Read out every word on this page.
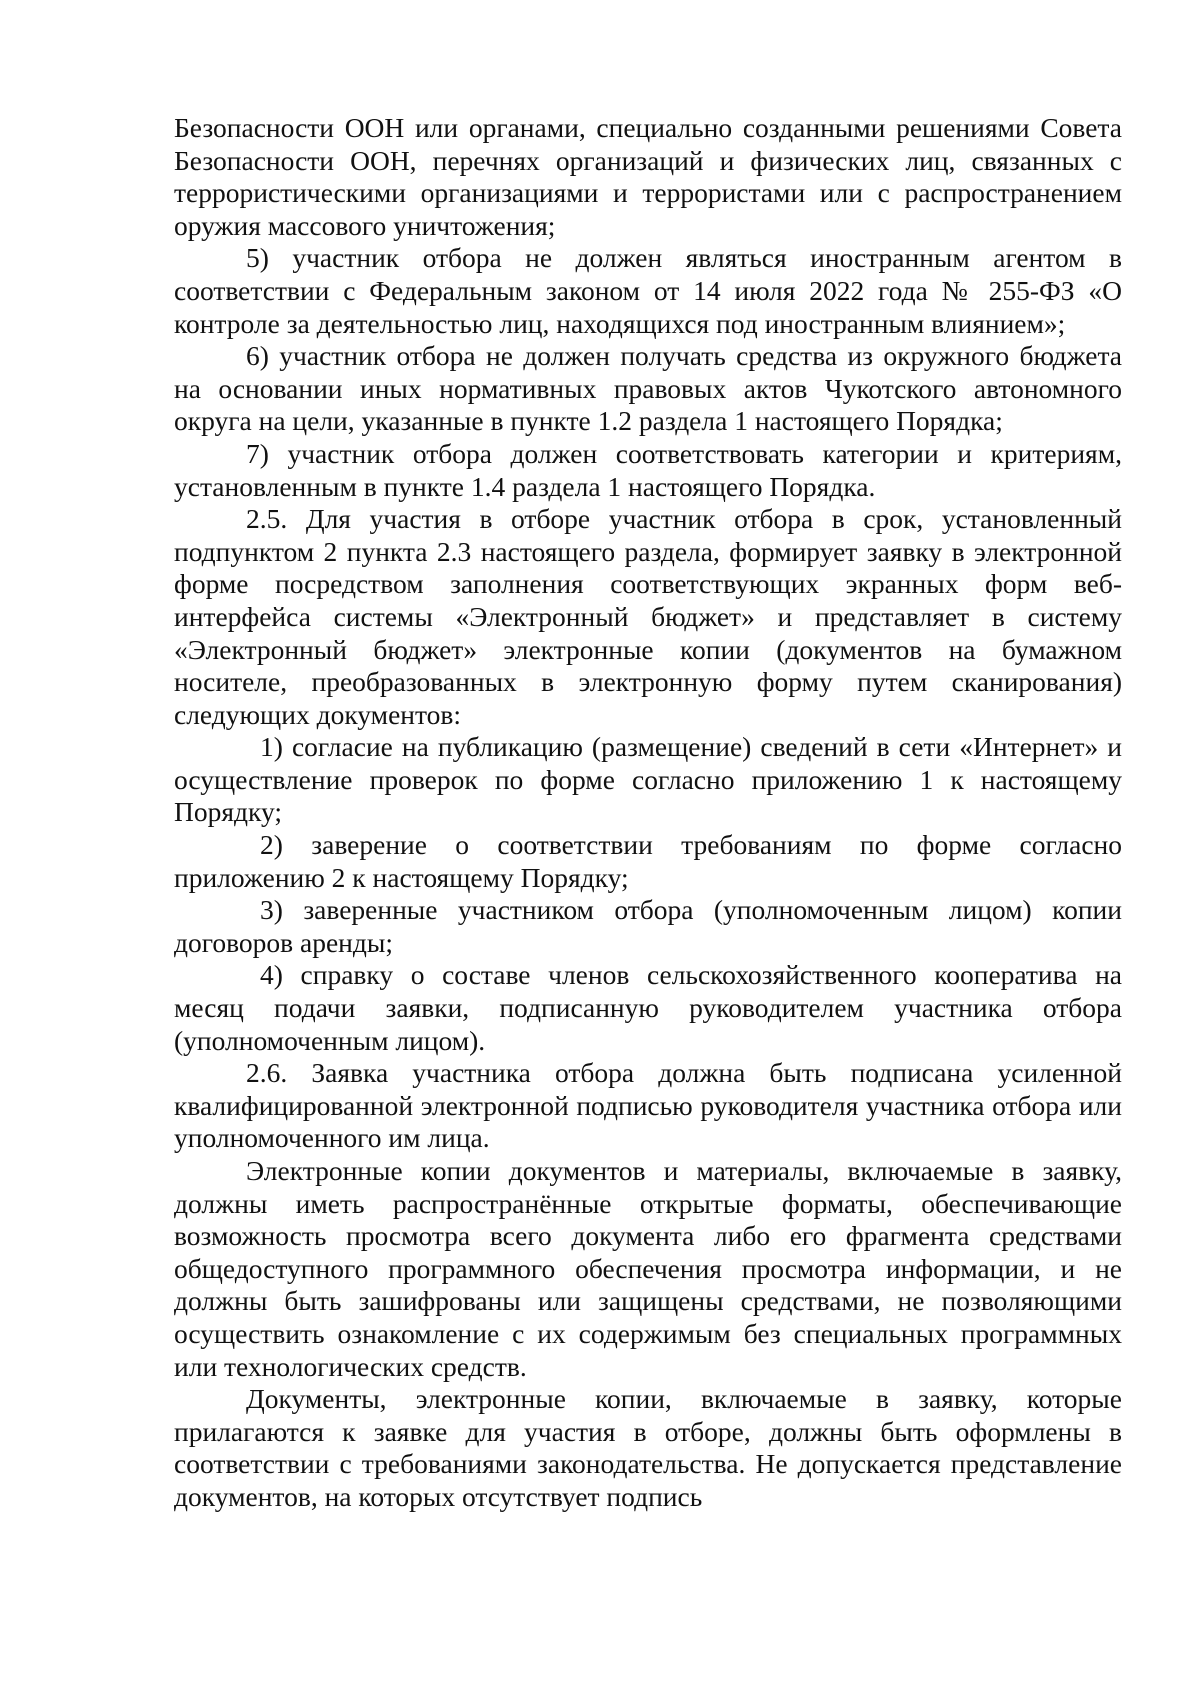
Безопасности ООН или органами, специально созданными решениями Совета Безопасности ООН, перечнях организаций и физических лиц, связанных с террористическими организациями и террористами или с распространением оружия массового уничтожения;

5) участник отбора не должен являться иностранным агентом в соответствии с Федеральным законом от 14 июля 2022 года № 255-ФЗ «О контроле за деятельностью лиц, находящихся под иностранным влиянием»;

6) участник отбора не должен получать средства из окружного бюджета на основании иных нормативных правовых актов Чукотского автономного округа на цели, указанные в пункте 1.2 раздела 1 настоящего Порядка;

7) участник отбора должен соответствовать категории и критериям, установленным в пункте 1.4 раздела 1 настоящего Порядка.

2.5. Для участия в отборе участник отбора в срок, установленный подпунктом 2 пункта 2.3 настоящего раздела, формирует заявку в электронной форме посредством заполнения соответствующих экранных форм веб-интерфейса системы «Электронный бюджет» и представляет в систему «Электронный бюджет» электронные копии (документов на бумажном носителе, преобразованных в электронную форму путем сканирования) следующих документов:

1) согласие на публикацию (размещение) сведений в сети «Интернет» и осуществление проверок по форме согласно приложению 1 к настоящему Порядку;

2) заверение о соответствии требованиям по форме согласно приложению 2 к настоящему Порядку;

3) заверенные участником отбора (уполномоченным лицом) копии договоров аренды;

4) справку о составе членов сельскохозяйственного кооператива на месяц подачи заявки, подписанную руководителем участника отбора (уполномоченным лицом).

2.6. Заявка участника отбора должна быть подписана усиленной квалифицированной электронной подписью руководителя участника отбора или уполномоченного им лица.

Электронные копии документов и материалы, включаемые в заявку, должны иметь распространённые открытые форматы, обеспечивающие возможность просмотра всего документа либо его фрагмента средствами общедоступного программного обеспечения просмотра информации, и не должны быть зашифрованы или защищены средствами, не позволяющими осуществить ознакомление с их содержимым без специальных программных или технологических средств.

Документы, электронные копии, включаемые в заявку, которые прилагаются к заявке для участия в отборе, должны быть оформлены в соответствии с требованиями законодательства. Не допускается представление документов, на которых отсутствует подпись
